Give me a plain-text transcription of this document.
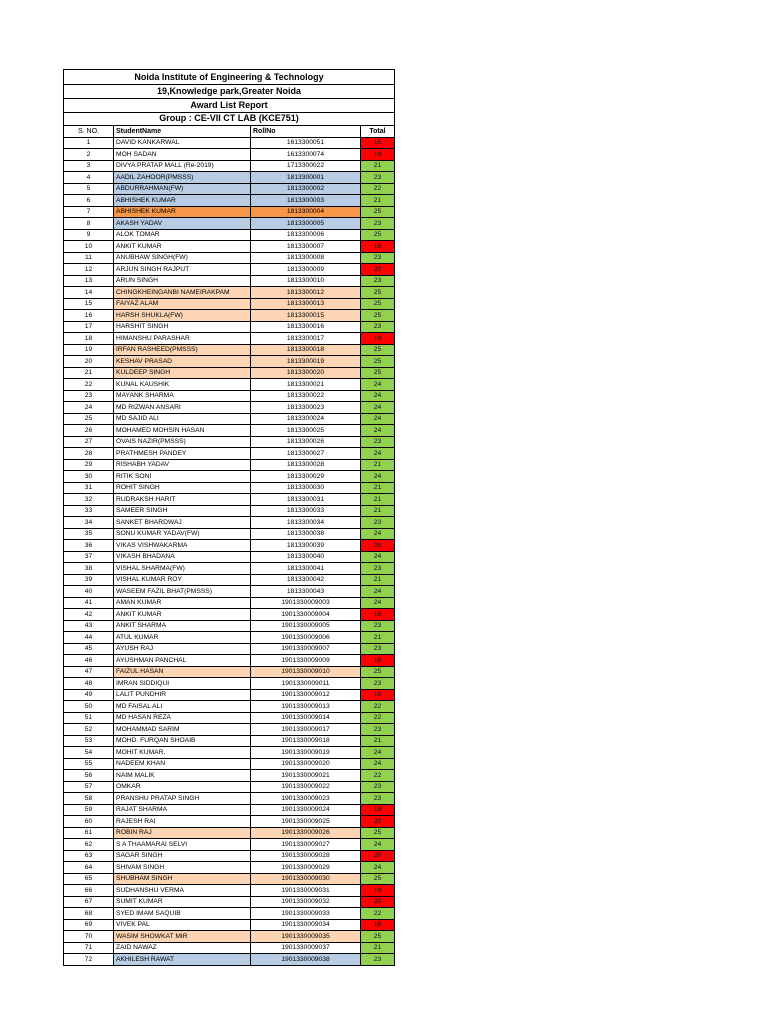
Noida Institute of Engineering & Technology
19,Knowledge park,Greater Noida
Award List Report
Group : CE-VII CT LAB (KCE751)
S. NO.	StudentName	RollNo	Total
1	DAVID KANKARWAL	1613300051	15
2	MOH SADAN	1613300074	19
3	DIVYA PRATAP MALL (Re-2019)	1713300022	21
4	AADIL ZAHOOR(PMSSS)	1813300001	23
5	ABDURRAHMAN(FW)	1813300002	22
6	ABHISHEK KUMAR	1813300003	21
7	ABHISHEK KUMAR	1813300004	25
8	AKASH YADAV	1813300005	23
9	ALOK TOMAR	1813300006	25
10	ANKIT KUMAR	1813300007	19
11	ANUBHAW SINGH(FW)	1813300008	23
12	ARJUN SINGH RAJPUT	1813300009	20
13	ARUN SINGH	1813300010	23
14	CHINGKHEINGANBI NAMEIRAKPAM	1813300012	25
15	FAIYAZ ALAM	1813300013	25
16	HARSH SHUKLA(FW)	1813300015	25
17	HARSHIT SINGH	1813300016	23
18	HIMANSHU PARASHAR	1813300017	19
19	IRFAN RASHEED(PMSSS)	1813300018	25
20	KESHAV PRASAD	1813300019	25
21	KULDEEP SINGH	1813300020	25
22	KUNAL KAUSHIK	1813300021	24
23	MAYANK SHARMA	1813300022	24
24	MD RIZWAN ANSARI	1813300023	24
25	MD SAJID ALI	1813300024	24
26	MOHAMED MOHSIN HASAN	1813300025	24
27	OVAIS NAZIR(PMSSS)	1813300026	23
28	PRATHMESH PANDEY	1813300027	24
29	RISHABH YADAV	1813300028	21
30	RITIK SONI	1813300029	24
31	ROHIT SINGH	1813300030	21
32	RUDRAKSH HARIT	1813300031	21
33	SAMEER SINGH	1813300033	21
34	SANKET BHARDWAJ	1813300034	23
35	SONU KUMAR YADAV(FW)	1813300038	24
36	VIKAS VISHWAKARMA	1813300039	20
37	VIKASH BHADANA	1813300040	24
38	VISHAL SHARMA(FW)	1813300041	23
39	VISHAL KUMAR ROY	1813300042	21
40	WASEEM FAZIL BHAT(PMSSS)	1813300043	24
41	AMAN KUMAR	1901330009003	24
42	ANKIT KUMAR	1901330009004	19
43	ANKIT SHARMA	1901330009005	23
44	ATUL KUMAR	1901330009006	21
45	AYUSH RAJ	1901330009007	23
46	AYUSHMAN PANCHAL	1901330009009	19
47	FAIZUL HASAN	1901330009010	25
48	IMRAN SIDDIQUI	1901330009011	23
49	LALIT PUNDHIR	1901330009012	19
50	MD FAISAL ALI	1901330009013	22
51	MD HASAN REZA	1901330009014	22
52	MOHAMMAD SARIM	1901330009017	23
53	MOHD. FURQAN SHOAIB	1901330009018	21
54	MOHIT KUMAR.	1901330009019	24
55	NADEEM KHAN	1901330009020	24
56	NAIM MALIK	1901330009021	22
57	OMKAR	1901330009022	23
58	PRANSHU PRATAP SINGH	1901330009023	23
59	RAJAT SHARMA	1901330009024	19
60	RAJESH RAI	1901330009025	20
61	ROBIN RAJ	1901330009026	25
62	S A THAAMARAI SELVI	1901330009027	24
63	SAGAR SINGH	1901330009028	20
64	SHIVAM SINGH	1901330009029	24
65	SHUBHAM SINGH	1901330009030	25
66	SUDHANSHU VERMA	1901330009031	19
67	SUMIT KUMAR	1901330009032	20
68	SYED IMAM SAQUIB	1901330009033	22
69	VIVEK PAL	1901330009034	19
70	WASIM SHOWKAT MIR	1901330009035	25
71	ZAID NAWAZ	1901330009037	21
72	AKHILESH RAWAT	1901330009038	23
